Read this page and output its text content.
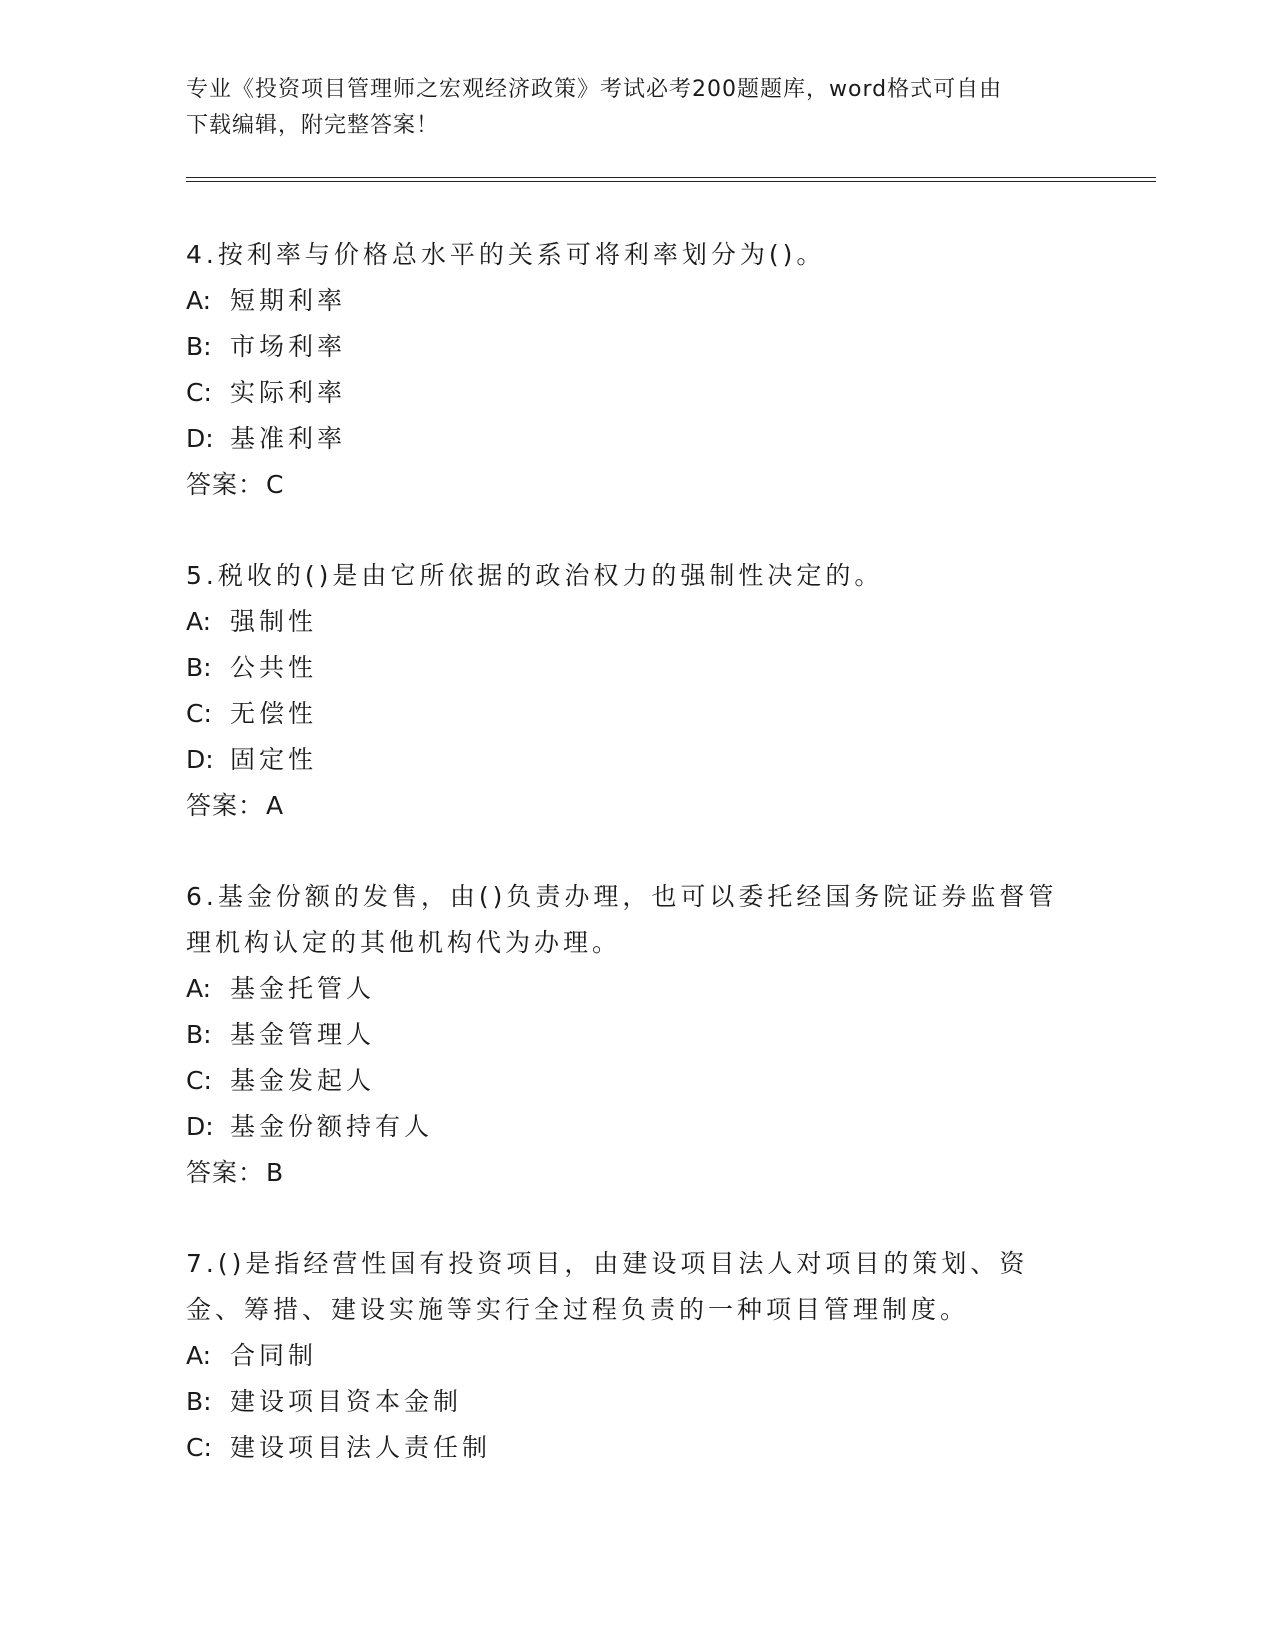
专业《投资项目管理师之宏观经济政策》考试必考200题题库，word格式可自由
下载编辑，附完整答案！
4.按利率与价格总水平的关系可将利率划分为()。
A: 短期利率
B: 市场利率
C: 实际利率
D: 基准利率
答案：C
5.税收的()是由它所依据的政治权力的强制性决定的。
A: 强制性
B: 公共性
C: 无偿性
D: 固定性
答案：A
6.基金份额的发售，由()负责办理，也可以委托经国务院证券监督管理机构认定的其他机构代为办理。
A: 基金托管人
B: 基金管理人
C: 基金发起人
D: 基金份额持有人
答案：B
7.()是指经营性国有投资项目，由建设项目法人对项目的策划、资金、筹措、建设实施等实行全过程负责的一种项目管理制度。
A: 合同制
B: 建设项目资本金制
C: 建设项目法人责任制
